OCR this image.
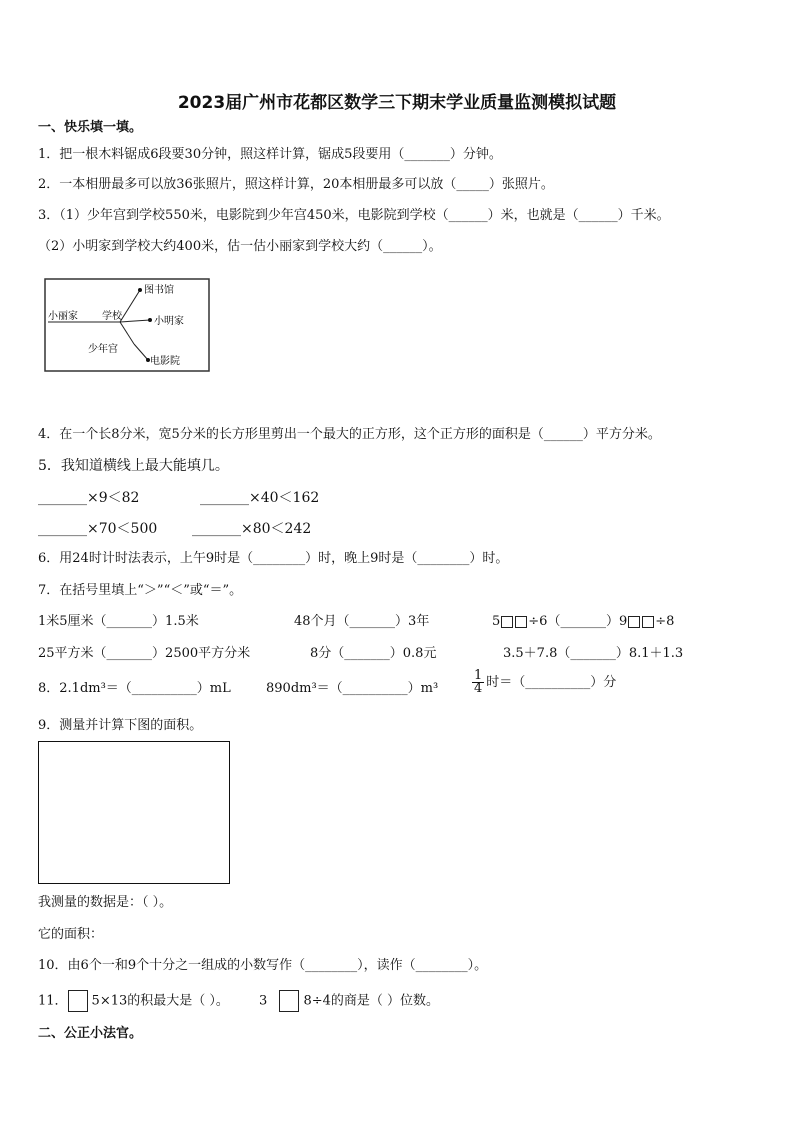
2023届广州市花都区数学三下期末学业质量监测模拟试题
一、快乐填一填。
1．把一根木料锯成6段要30分钟，照这样计算，锯成5段要用（_______）分钟。
2．一本相册最多可以放36张照片，照这样计算，20本相册最多可以放（_____）张照片。
3．（1）少年宫到学校550米，电影院到少年宫450米，电影院到学校（______）米，也就是（______）千米。
（2）小明家到学校大约400米，估一估小丽家到学校大约（______）。
图书馆
小丽家 学校	小明家
少年宫
电影院
4．在一个长8分米，宽5分米的长方形里剪出一个最大的正方形，这个正方形的面积是（______）平方分米。
5．我知道横线上最大能填几。
_______×9＜82	_______×40＜162
_______×70＜500 _______×80＜242
6．用24时计时法表示，上午9时是（________）时，晚上9时是（________）时。
7．在括号里填上“＞”“＜”或“＝”。
1米5厘米（_______）1.5米	48个月（_______）3年	5 ÷6（_______）9 ÷8
25平方米（_______）2500平方分米	8分（_______）0.8元	3.5＋7.8（_______）8.1＋1.3
8．2.1dm³＝（__________）mL	890dm³＝（__________）m³	$\frac{1}{4}$ 时＝（__________）分
9．测量并计算下图的面积。
我测量的数据是：（ ）。
它的面积：
10．由6个一和9个十分之一组成的小数写作（________），读作（________）。
11． 5×13的积最大是（ ）。 3	8÷4的商是（ ）位数。
二、公正小法官。
